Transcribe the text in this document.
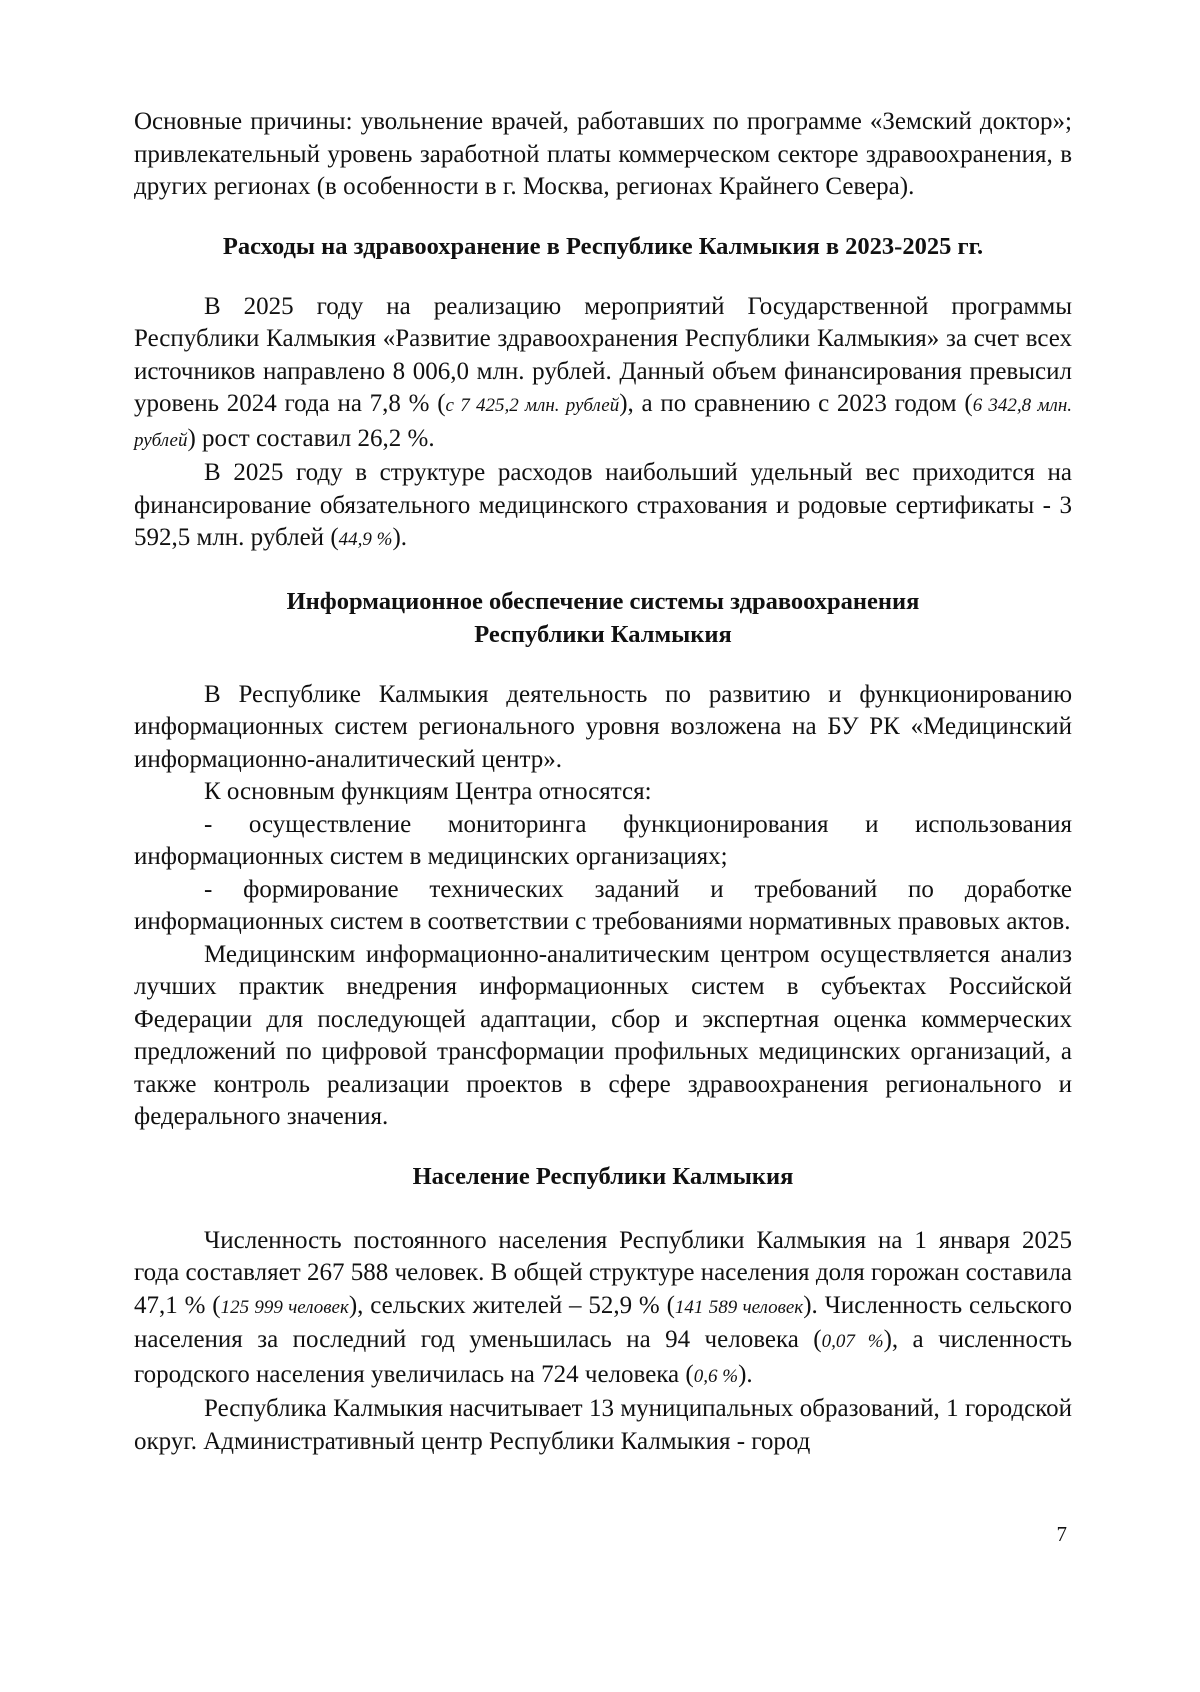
Основные причины: увольнение врачей, работавших по программе «Земский доктор»; привлекательный уровень заработной платы коммерческом секторе здравоохранения, в других регионах (в особенности в г. Москва, регионах Крайнего Севера).

Расходы на здравоохранение в Республике Калмыкия в 2023-2025 гг.

В 2025 году на реализацию мероприятий Государственной программы Республики Калмыкия «Развитие здравоохранения Республики Калмыкия» за счет всех источников направлено 8 006,0 млн. рублей. Данный объем финансирования превысил уровень 2024 года на 7,8 % (с 7 425,2 млн. рублей), а по сравнению с 2023 годом (6 342,8 млн. рублей) рост составил 26,2 %.

В 2025 году в структуре расходов наибольший удельный вес приходится на финансирование обязательного медицинского страхования и родовые сертификаты - 3 592,5 млн. рублей (44,9 %).

Информационное обеспечение системы здравоохранения
Республики Калмыкия

В Республике Калмыкия деятельность по развитию и функционированию информационных систем регионального уровня возложена на БУ РК «Медицинский информационно-аналитический центр».

К основным функциям Центра относятся:

- осуществление мониторинга функционирования и использования информационных систем в медицинских организациях;

- формирование технических заданий и требований по доработке информационных систем в соответствии с требованиями нормативных правовых актов.

Медицинским информационно-аналитическим центром осуществляется анализ лучших практик внедрения информационных систем в субъектах Российской Федерации для последующей адаптации, сбор и экспертная оценка коммерческих предложений по цифровой трансформации профильных медицинских организаций, а также контроль реализации проектов в сфере здравоохранения регионального и федерального значения.

Население Республики Калмыкия

Численность постоянного населения Республики Калмыкия на 1 января 2025 года составляет 267 588 человек. В общей структуре населения доля горожан составила 47,1 % (125 999 человек), сельских жителей – 52,9 % (141 589 человек). Численность сельского населения за последний год уменьшилась на 94 человека (0,07 %), а численность городского населения увеличилась на 724 человека (0,6 %).

Республика Калмыкия насчитывает 13 муниципальных образований, 1 городской округ. Административный центр Республики Калмыкия - город

7
